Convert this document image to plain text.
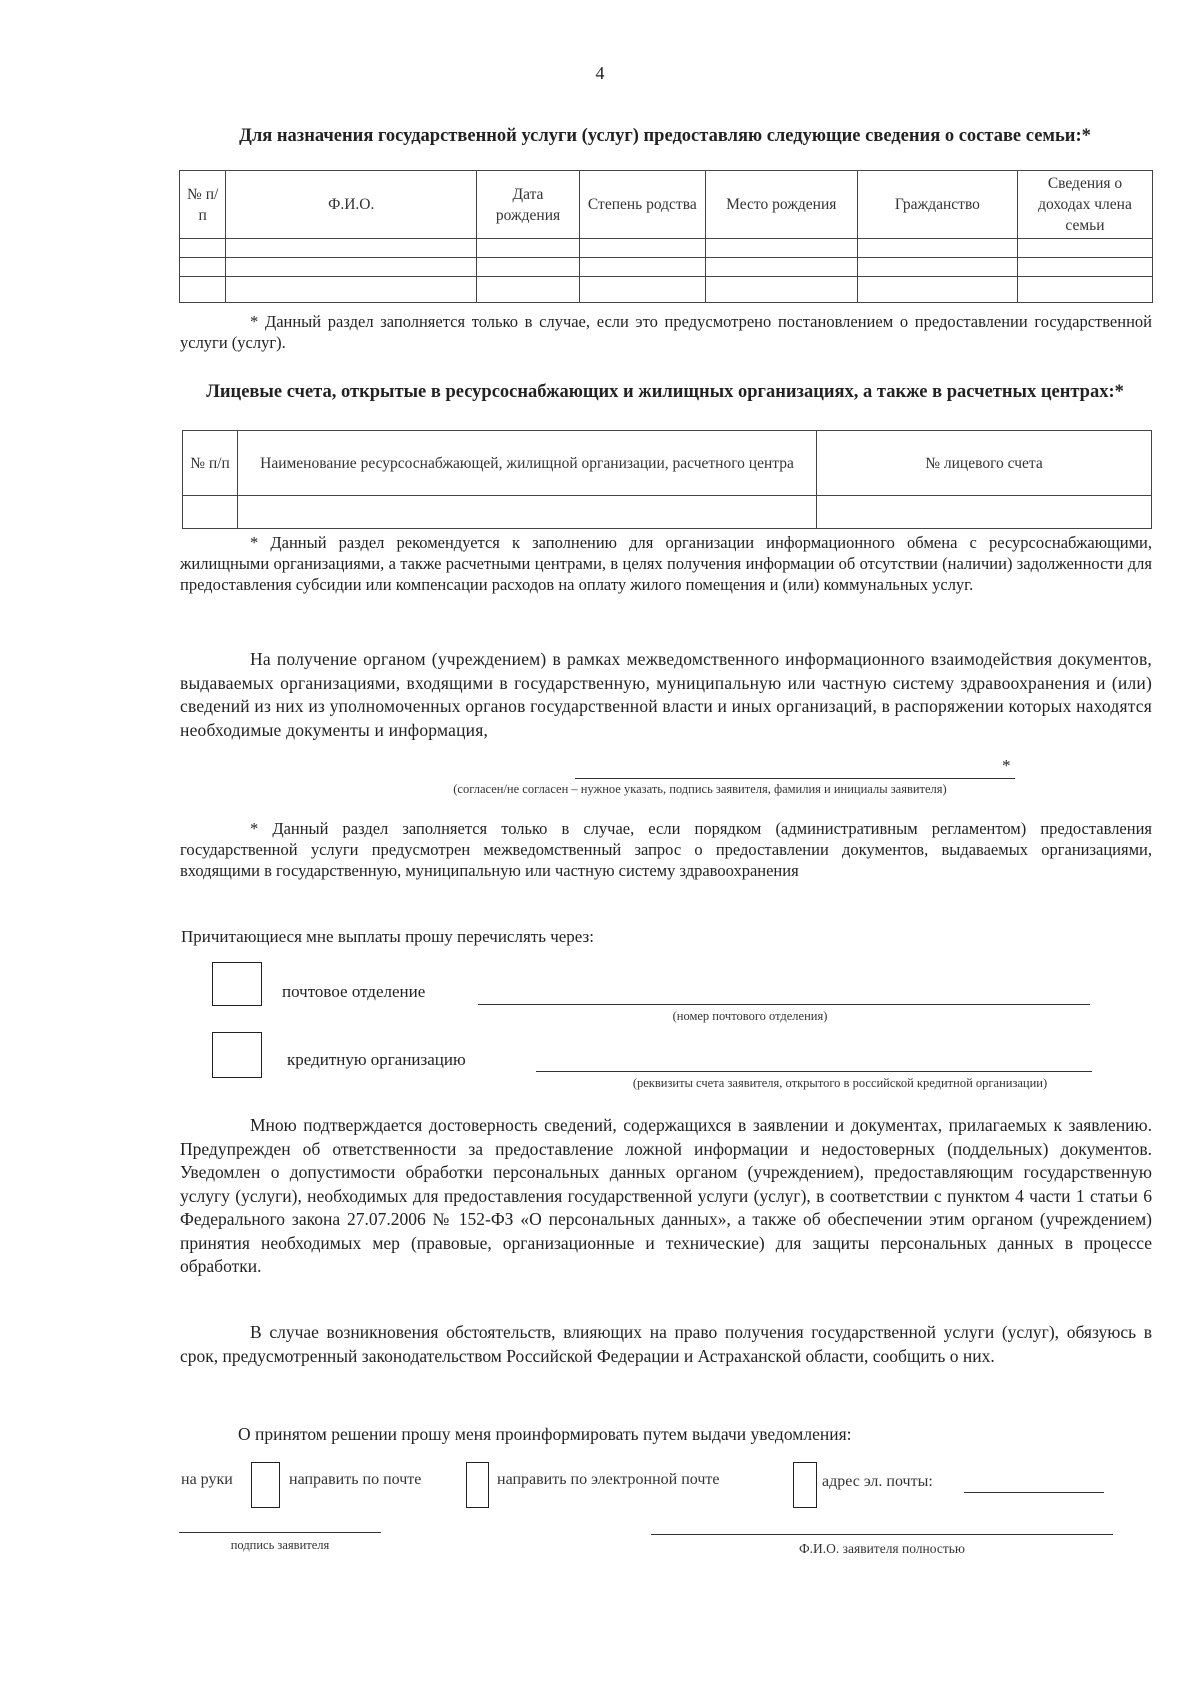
4
Для назначения государственной услуги (услуг) предоставляю следующие сведения о составе семьи:*
№ п/п	Ф.И.О.	Дата рождения	Степень родства	Место рождения	Гражданство	Сведения о доходах члена семьи

* Данный раздел заполняется только в случае, если это предусмотрено постановлением о предоставлении государственной услуги (услуг).
Лицевые счета, открытые в ресурсоснабжающих и жилищных организациях, а также в расчетных центрах:*
№ п/п	Наименование ресурсоснабжающей, жилищной организации, расчетного центра	№ лицевого счета

* Данный раздел рекомендуется к заполнению для организации информационного обмена с ресурсоснабжающими, жилищными организациями, а также расчетными центрами, в целях получения информации об отсутствии (наличии) задолженности для предоставления субсидии или компенсации расходов на оплату жилого помещения и (или) коммунальных услуг.
На получение органом (учреждением) в рамках межведомственного информационного взаимодействия документов, выдаваемых организациями, входящими в государственную, муниципальную или частную систему здравоохранения и (или) сведений из них из уполномоченных органов государственной власти и иных организаций, в распоряжении которых находятся необходимые документы и информация,
*
(согласен/не согласен – нужное указать, подпись заявителя, фамилия и инициалы заявителя)
* Данный раздел заполняется только в случае, если порядком (административным регламентом) предоставления государственной услуги предусмотрен межведомственный запрос о предоставлении документов, выдаваемых организациями, входящими в государственную, муниципальную или частную систему здравоохранения
Причитающиеся мне выплаты прошу перечислять через:
почтовое отделение
(номер почтового отделения)
кредитную организацию
(реквизиты счета заявителя, открытого в российской кредитной организации)
Мною подтверждается достоверность сведений, содержащихся в заявлении и документах, прилагаемых к заявлению. Предупрежден об ответственности за предоставление ложной информации и недостоверных (поддельных) документов. Уведомлен о допустимости обработки персональных данных органом (учреждением), предоставляющим государственную услугу (услуги), необходимых для предоставления государственной услуги (услуг), в соответствии с пунктом 4 части 1 статьи 6 Федерального закона 27.07.2006 № 152-ФЗ «О персональных данных», а также об обеспечении этим органом (учреждением) принятия необходимых мер (правовые, организационные и технические) для защиты персональных данных в процессе обработки.
В случае возникновения обстоятельств, влияющих на право получения государственной услуги (услуг), обязуюсь в срок, предусмотренный законодательством Российской Федерации и Астраханской области, сообщить о них.
О принятом решении прошу меня проинформировать путем выдачи уведомления:
на руки	направить по почте	направить по электронной почте	адрес эл. почты:
подпись заявителя	Ф.И.О. заявителя полностью
